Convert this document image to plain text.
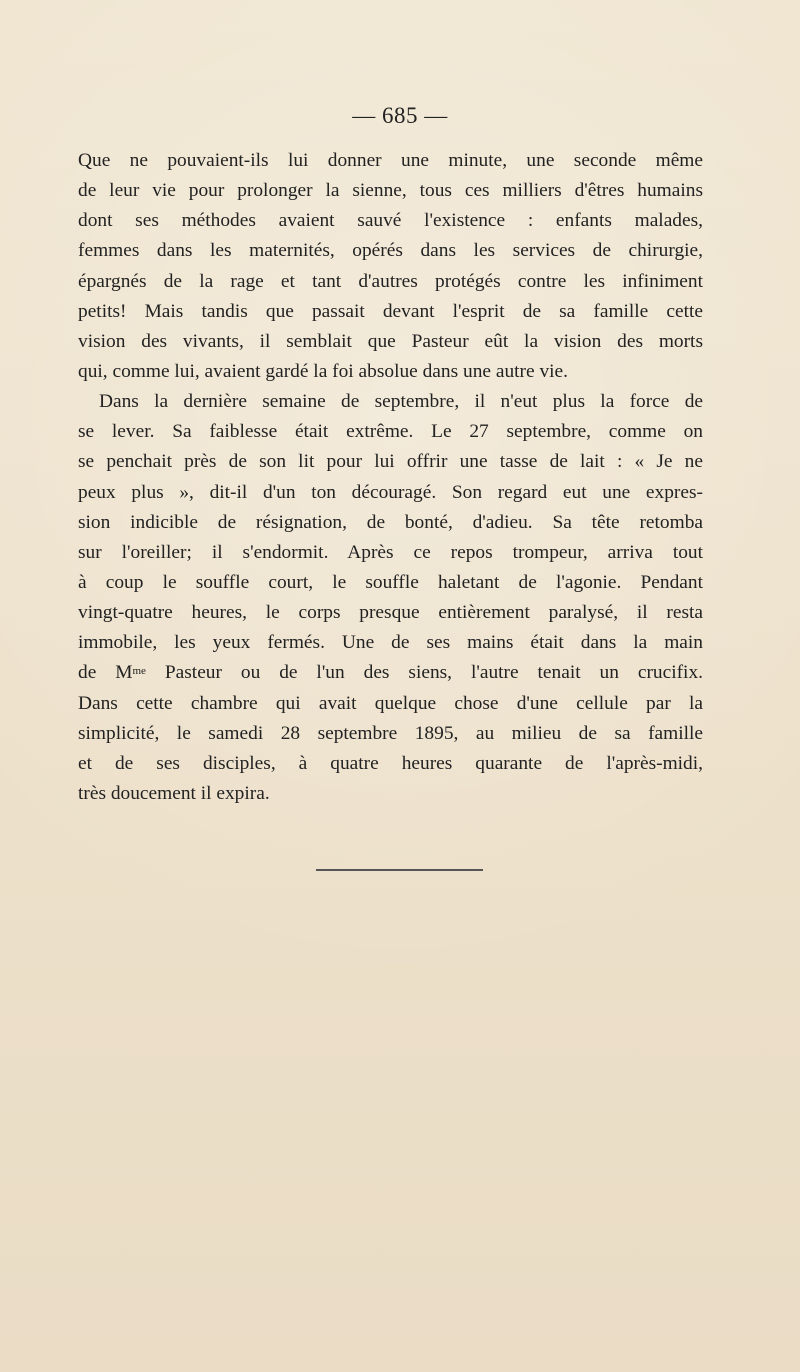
— 685 —
Que ne pouvaient-ils lui donner une minute, une seconde même
de leur vie pour prolonger la sienne, tous ces milliers d'êtres humains
dont ses méthodes avaient sauvé l'existence : enfants malades,
femmes dans les maternités, opérés dans les services de chirurgie,
épargnés de la rage et tant d'autres protégés contre les infiniment
petits! Mais tandis que passait devant l'esprit de sa famille cette
vision des vivants, il semblait que Pasteur eût la vision des morts
qui, comme lui, avaient gardé la foi absolue dans une autre vie.
Dans la dernière semaine de septembre, il n'eut plus la force de
se lever. Sa faiblesse était extrême. Le 27 septembre, comme on
se penchait près de son lit pour lui offrir une tasse de lait : « Je ne
peux plus », dit-il d'un ton découragé. Son regard eut une expres-
sion indicible de résignation, de bonté, d'adieu. Sa tête retomba
sur l'oreiller; il s'endormit. Après ce repos trompeur, arriva tout
à coup le souffle court, le souffle haletant de l'agonie. Pendant
vingt-quatre heures, le corps presque entièrement paralysé, il resta
immobile, les yeux fermés. Une de ses mains était dans la main
de $M^{me}$ Pasteur ou de l'un des siens, l'autre tenait un crucifix.
Dans cette chambre qui avait quelque chose d'une cellule par la
simplicité, le samedi 28 septembre 1895, au milieu de sa famille
et de ses disciples, à quatre heures quarante de l'après-midi,
très doucement il expira.
